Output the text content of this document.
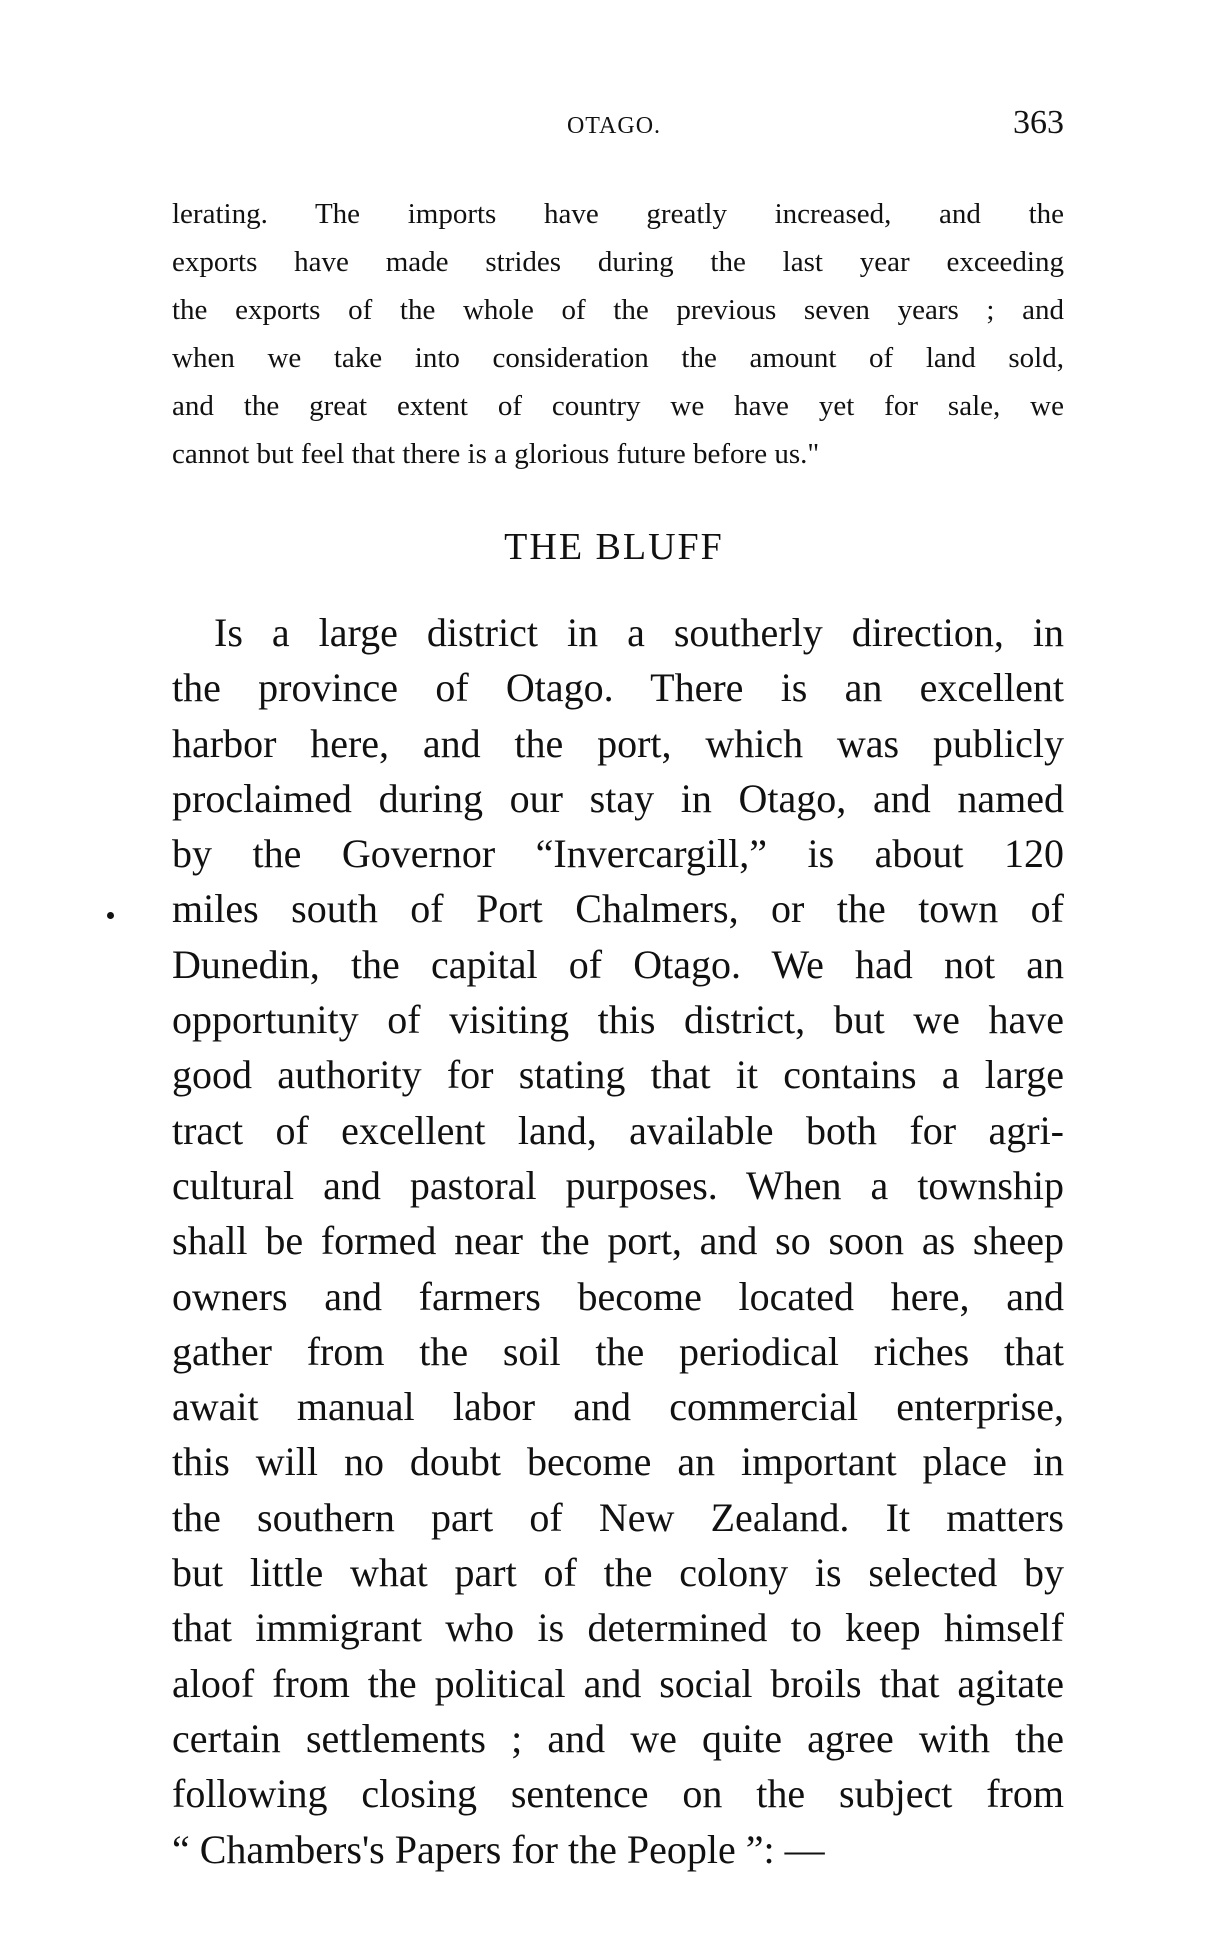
OTAGO.	363
lerating. The imports have greatly increased, and the
exports have made strides during the last year exceeding
the exports of the whole of the previous seven years ; and
when we take into consideration the amount of land sold,
and the great extent of country we have yet for sale, we
cannot but feel that there is a glorious future before us."
THE BLUFF
Is a large district in a southerly direction, in
the province of Otago. There is an excellent
harbor here, and the port, which was publicly
proclaimed during our stay in Otago, and named
by the Governor “Invercargill,” is about 120
miles south of Port Chalmers, or the town of
Dunedin, the capital of Otago. We had not an
opportunity of visiting this district, but we have
good authority for stating that it contains a large
tract of excellent land, available both for agri-
cultural and pastoral purposes. When a township
shall be formed near the port, and so soon as sheep
owners and farmers become located here, and
gather from the soil the periodical riches that
await manual labor and commercial enterprise,
this will no doubt become an important place in
the southern part of New Zealand. It matters
but little what part of the colony is selected by
that immigrant who is determined to keep himself
aloof from the political and social broils that agitate
certain settlements ; and we quite agree with the
following closing sentence on the subject from
“ Chambers's Papers for the People ”: —
